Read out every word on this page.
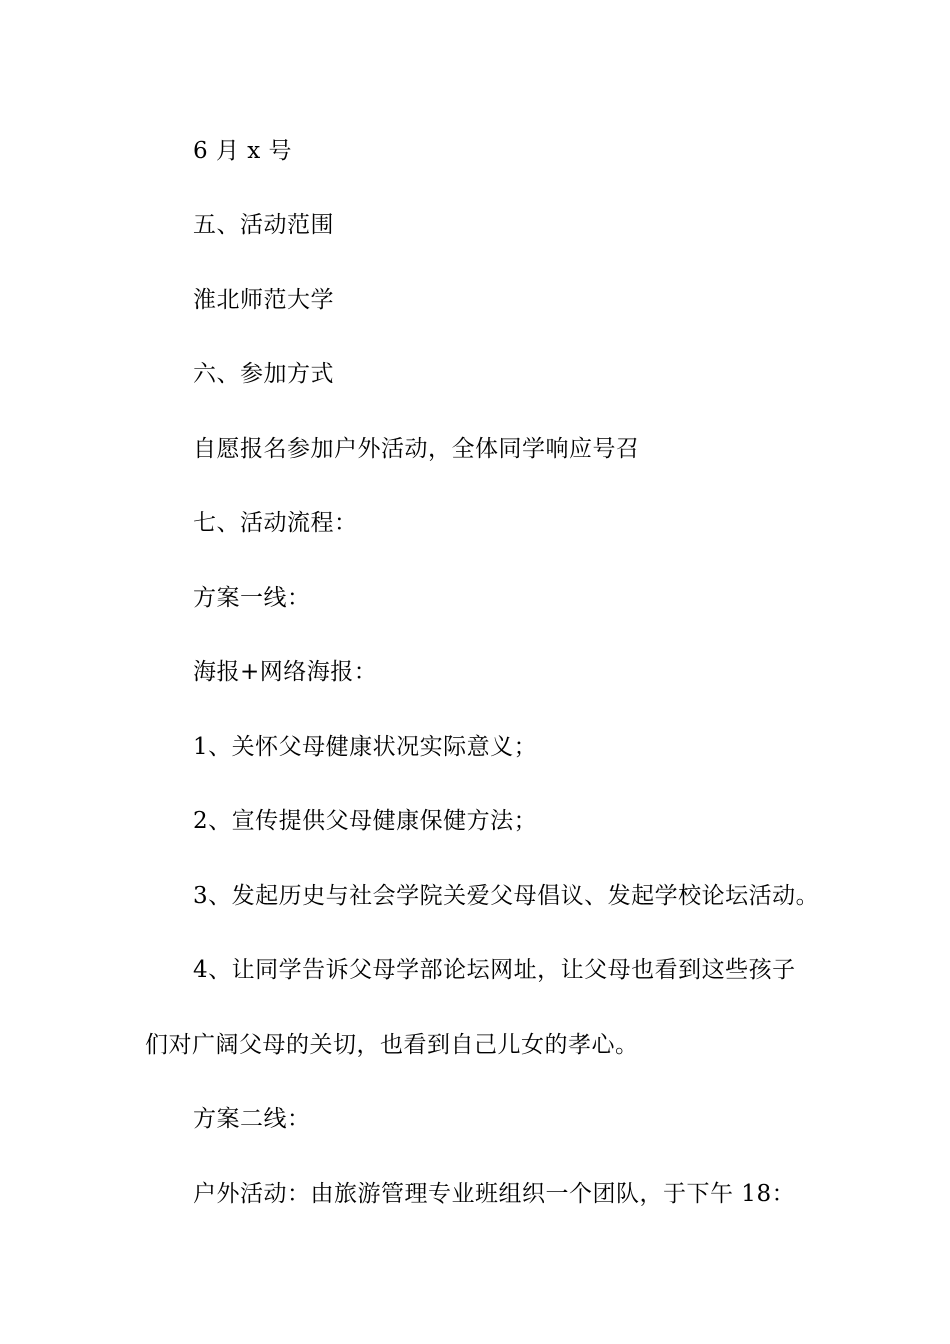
6 月 x 号
五、活动范围
淮北师范大学
六、参加方式
自愿报名参加户外活动，全体同学响应号召
七、活动流程：
方案一线：
海报+网络海报：
1、关怀父母健康状况实际意义；
2、宣传提供父母健康保健方法；
3、发起历史与社会学院关爱父母倡议、发起学校论坛活动。
4、让同学告诉父母学部论坛网址，让父母也看到这些孩子
们对广阔父母的关切，也看到自己儿女的孝心。
方案二线：
户外活动：由旅游管理专业班组织一个团队，于下午 18：
